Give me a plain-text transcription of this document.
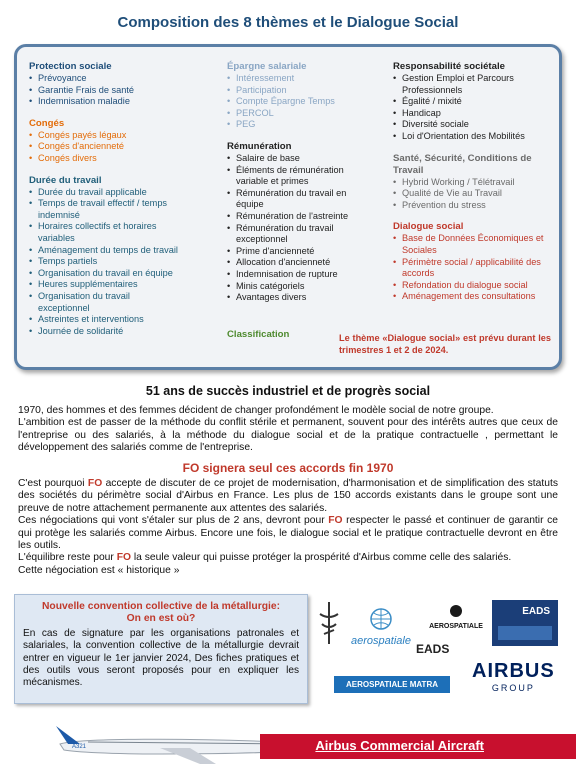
Composition des 8 thèmes et le Dialogue Social
Protection sociale
• Prévoyance
• Garantie Frais de santé
• Indemnisation maladie
Congés
• Congés payés légaux
• Congés d'ancienneté
• Congés divers
Durée du travail
• Durée du travail applicable
• Temps de travail effectif / temps indemnisé
• Horaires collectifs et horaires variables
• Aménagement du temps de travail
• Temps partiels
• Organisation du travail en équipe
• Heures supplémentaires
• Organisation du travail exceptionnel
• Astreintes et interventions
• Journée de solidarité
Épargne salariale
• Intéressement
• Participation
• Compte Épargne Temps
• PERCOL
• PEG
Rémunération
• Salaire de base
• Éléments de rémunération variable et primes
• Rémunération du travail en équipe
• Rémunération de l'astreinte
• Rémunération du travail exceptionnel
• Prime d'ancienneté
• Allocation d'ancienneté
• Indemnisation de rupture
• Minis catégoriels
• Avantages divers
Classification
Responsabilité sociétale
• Gestion Emploi et Parcours Professionnels
• Égalité / mixité
• Handicap
• Diversité sociale
• Loi d'Orientation des Mobilités
Santé, Sécurité, Conditions de Travail
• Hybrid Working / Télétravail
• Qualité de Vie au Travail
• Prévention du stress
Dialogue social
• Base de Données Économiques et Sociales
• Périmètre social / applicabilité des accords
• Refondation du dialogue social
• Aménagement des consultations
Le thème «Dialogue social» est prévu durant les trimestres 1 et 2 de 2024.
51 ans de succès industriel et de progrès social
1970, des hommes et des femmes décident de changer profondément le modèle social de notre groupe.
L'ambition est de passer de la méthode du conflit stérile et permanent, souvent pour des intérêts autres que ceux de l'entreprise ou des salariés, à la méthode du dialogue social et de la pratique contractuelle , permettant le développement des salariés comme de l'entreprise.
FO signera seul ces accords fin 1970
C'est pourquoi FO accepte de discuter de ce projet de modernisation, d'harmonisation et de simplification des statuts des sociétés du périmètre social d'Airbus en France. Les plus de 150 accords existants dans le groupe sont une preuve de notre attachement permanente aux attentes des salariés.
Ces négociations qui vont s'étaler sur plus de 2 ans, devront pour FO respecter le passé et continuer de garantir ce qui protège les salariés comme Airbus. Encore une fois, le dialogue social et le pratique contractuelle devront en être les outils.
L'équilibre reste pour FO la seule valeur qui puisse protéger la prospérité d'Airbus comme celle des salariés.
Cette négociation est « historique »
Nouvelle convention collective de la métallurgie:
On en est où?
En cas de signature par les organisations patronales et salariales, la convention collective de la métallurgie devrait entrer en vigueur le 1er janvier 2024, Des fiches pratiques et des outils vous seront proposés pour en expliquer les mécanismes.
aerospatiale
AEROSPATIALE
EADS
EADS
AIRBUS
GROUP
AEROSPATIALE MATRA
A321	Airbus Commercial Aircraft
